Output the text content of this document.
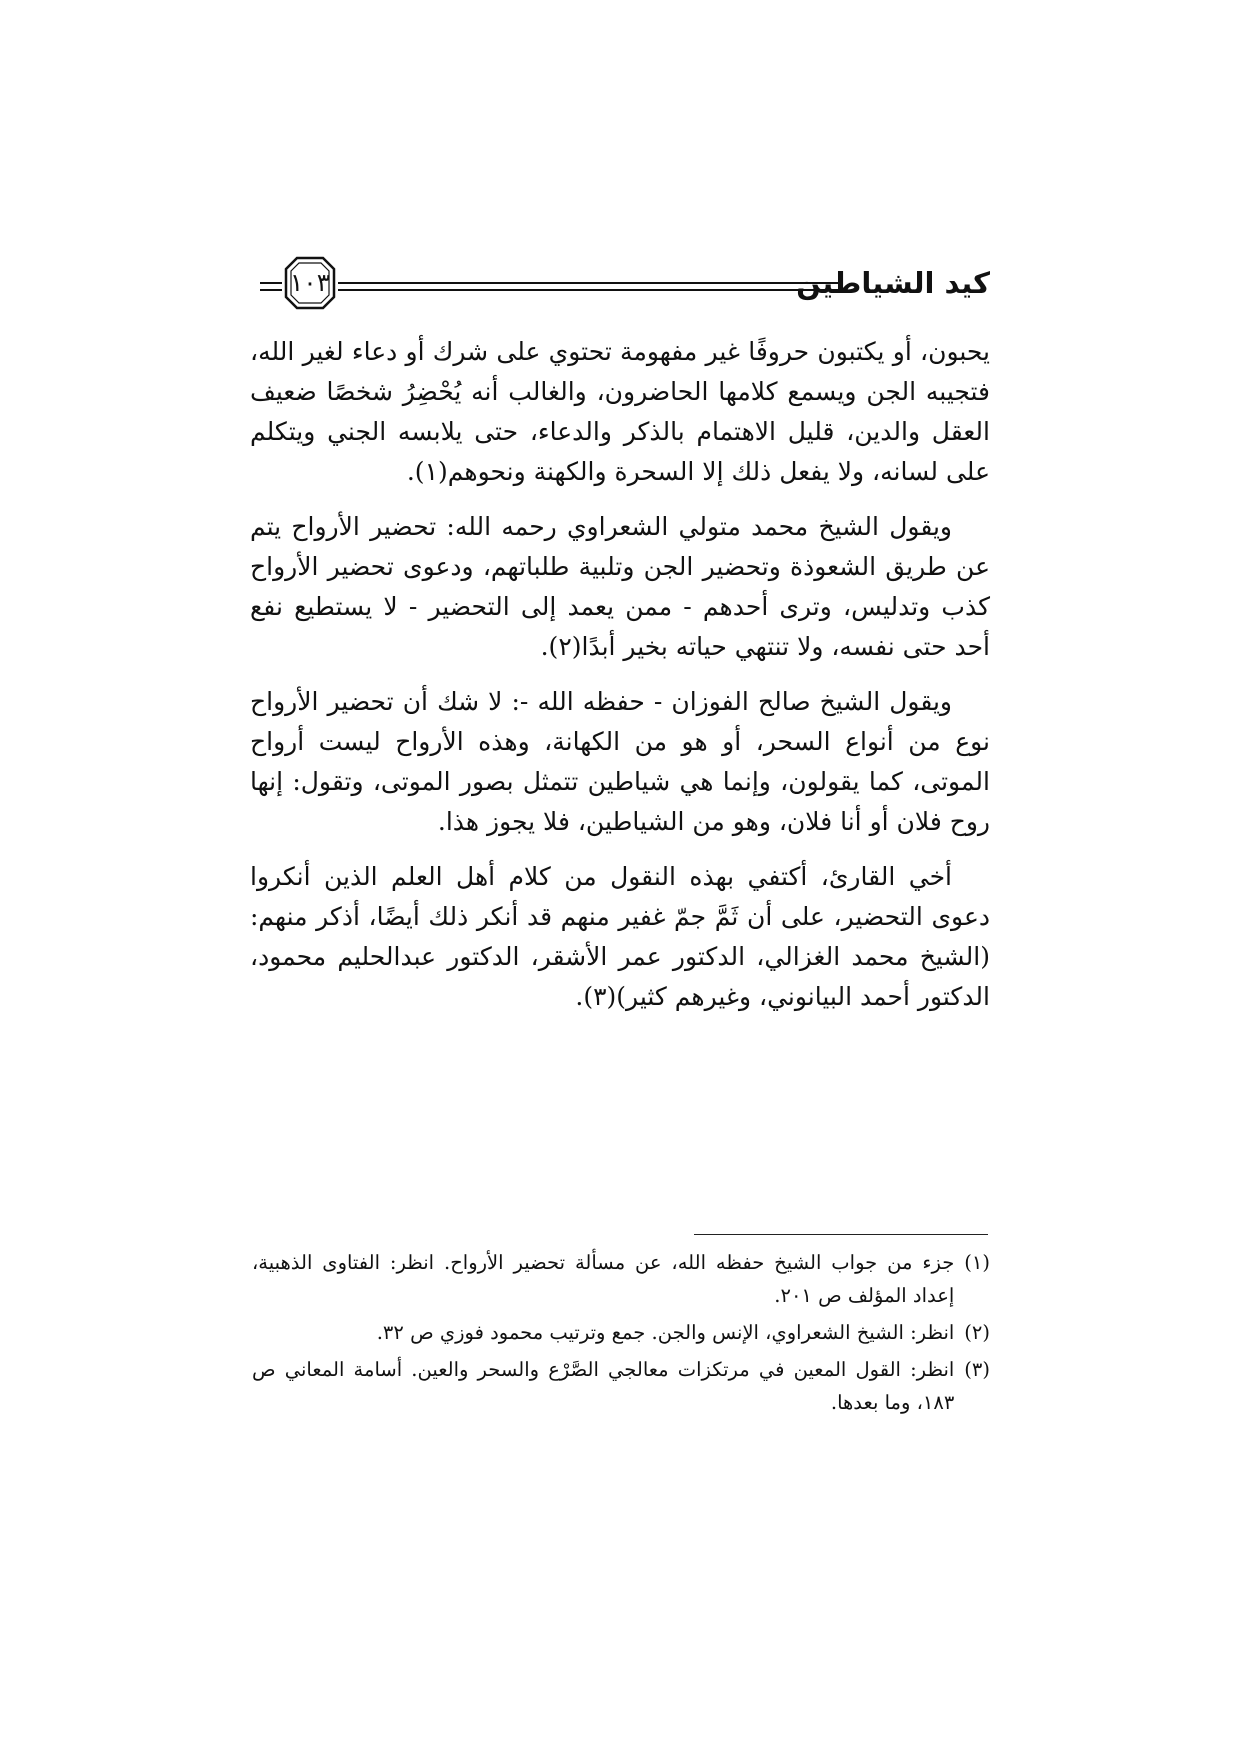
١٠٣	كيد الشياطين

يحبون، أو يكتبون حروفًا غير مفهومة تحتوي على شرك أو دعاء لغير الله، فتجيبه الجن ويسمع كلامها الحاضرون، والغالب أنه يُحْضِرُ شخصًا ضعيف العقل والدين، قليل الاهتمام بالذكر والدعاء، حتى يلابسه الجني ويتكلم على لسانه، ولا يفعل ذلك إلا السحرة والكهنة ونحوهم(١).

ويقول الشيخ محمد متولي الشعراوي رحمه الله: تحضير الأرواح يتم عن طريق الشعوذة وتحضير الجن وتلبية طلباتهم، ودعوى تحضير الأرواح كذب وتدليس، وترى أحدهم - ممن يعمد إلى التحضير - لا يستطيع نفع أحد حتى نفسه، ولا تنتهي حياته بخير أبدًا(٢).

ويقول الشيخ صالح الفوزان - حفظه الله -: لا شك أن تحضير الأرواح نوع من أنواع السحر، أو هو من الكهانة، وهذه الأرواح ليست أرواح الموتى، كما يقولون، وإنما هي شياطين تتمثل بصور الموتى، وتقول: إنها روح فلان أو أنا فلان، وهو من الشياطين، فلا يجوز هذا.

أخي القارئ، أكتفي بهذه النقول من كلام أهل العلم الذين أنكروا دعوى التحضير، على أن ثَمَّ جمّ غفير منهم قد أنكر ذلك أيضًا، أذكر منهم: (الشيخ محمد الغزالي، الدكتور عمر الأشقر، الدكتور عبدالحليم محمود، الدكتور أحمد البيانوني، وغيرهم كثير)(٣).

(١)
جزء من جواب الشيخ حفظه الله، عن مسألة تحضير الأرواح. انظر: الفتاوى الذهبية، إعداد المؤلف ص ٢٠١.
(٢)
انظر: الشيخ الشعراوي، الإنس والجن. جمع وترتيب محمود فوزي ص ٣٢.
(٣)
انظر: القول المعين في مرتكزات معالجي الصَّرْع والسحر والعين. أسامة المعاني ص ١٨٣، وما بعدها.
